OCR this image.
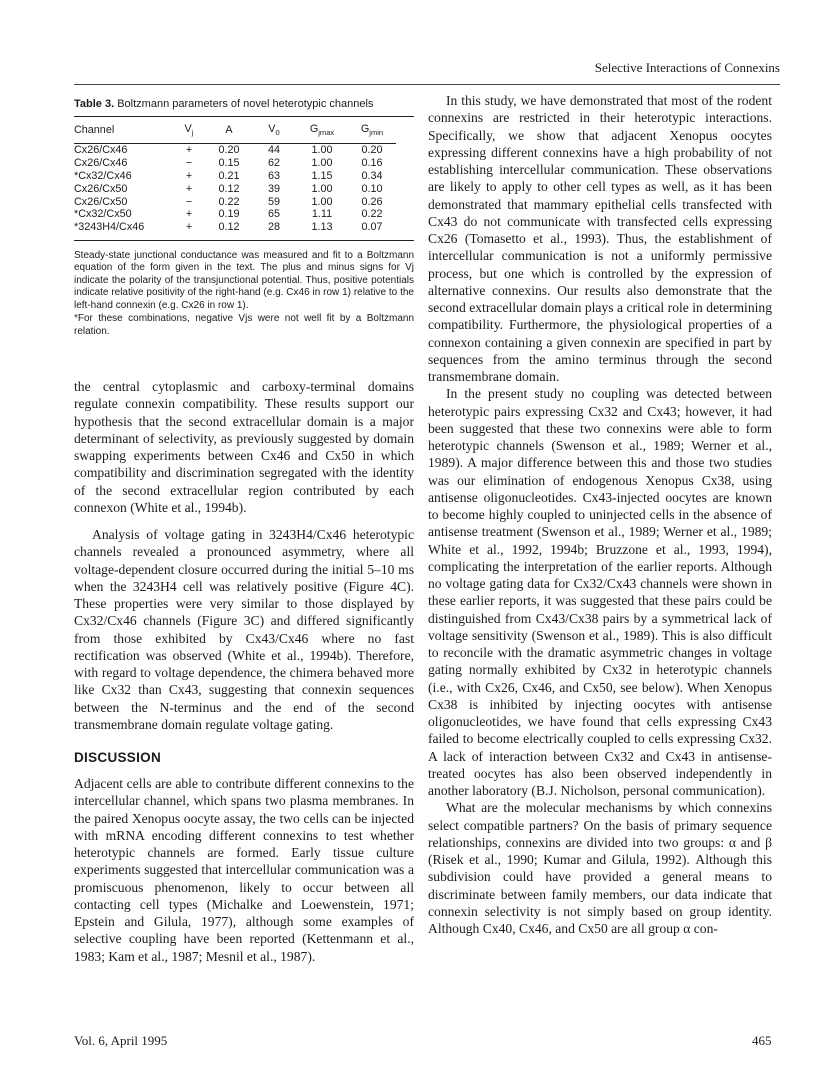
Selective Interactions of Connexins

Table 3. Boltzmann parameters of novel heterotypic channels

Channel	$V_j$	A	$V_0$	$G_{jmax}$	$G_{jmin}$
Cx26/Cx46	+	0.20	44	1.00	0.20
Cx26/Cx46	−	0.15	62	1.00	0.16
*Cx32/Cx46	+	0.21	63	1.15	0.34
Cx26/Cx50	+	0.12	39	1.00	0.10
Cx26/Cx50	−	0.22	59	1.00	0.26
*Cx32/Cx50	+	0.19	65	1.11	0.22
*3243H4/Cx46	+	0.12	28	1.13	0.07

Steady-state junctional conductance was measured and fit to a Boltzmann equation of the form given in the text. The plus and minus signs for Vj indicate the polarity of the transjunctional potential. Thus, positive potentials indicate relative positivity of the right-hand (e.g. Cx46 in row 1) relative to the left-hand connexin (e.g. Cx26 in row 1).

*For these combinations, negative Vjs were not well fit by a Boltzmann relation.

the central cytoplasmic and carboxy-terminal domains regulate connexin compatibility. These results support our hypothesis that the second extracellular domain is a major determinant of selectivity, as previously suggested by domain swapping experiments between Cx46 and Cx50 in which compatibility and discrimination segregated with the identity of the second extracellular region contributed by each connexon (White et al., 1994b).

Analysis of voltage gating in 3243H4/Cx46 heterotypic channels revealed a pronounced asymmetry, where all voltage-dependent closure occurred during the initial 5–10 ms when the 3243H4 cell was relatively positive (Figure 4C). These properties were very similar to those displayed by Cx32/Cx46 channels (Figure 3C) and differed significantly from those exhibited by Cx43/Cx46 where no fast rectification was observed (White et al., 1994b). Therefore, with regard to voltage dependence, the chimera behaved more like Cx32 than Cx43, suggesting that connexin sequences between the N-terminus and the end of the second transmembrane domain regulate voltage gating.

DISCUSSION

Adjacent cells are able to contribute different connexins to the intercellular channel, which spans two plasma membranes. In the paired Xenopus oocyte assay, the two cells can be injected with mRNA encoding different connexins to test whether heterotypic channels are formed. Early tissue culture experiments suggested that intercellular communication was a promiscuous phenomenon, likely to occur between all contacting cell types (Michalke and Loewenstein, 1971; Epstein and Gilula, 1977), although some examples of selective coupling have been reported (Kettenmann et al., 1983; Kam et al., 1987; Mesnil et al., 1987).

In this study, we have demonstrated that most of the rodent connexins are restricted in their heterotypic interactions. Specifically, we show that adjacent Xenopus oocytes expressing different connexins have a high probability of not establishing intercellular communication. These observations are likely to apply to other cell types as well, as it has been demonstrated that mammary epithelial cells transfected with Cx43 do not communicate with transfected cells expressing Cx26 (Tomasetto et al., 1993). Thus, the establishment of intercellular communication is not a uniformly permissive process, but one which is controlled by the expression of alternative connexins. Our results also demonstrate that the second extracellular domain plays a critical role in determining compatibility. Furthermore, the physiological properties of a connexon containing a given connexin are specified in part by sequences from the amino terminus through the second transmembrane domain.

In the present study no coupling was detected between heterotypic pairs expressing Cx32 and Cx43; however, it had been suggested that these two connexins were able to form heterotypic channels (Swenson et al., 1989; Werner et al., 1989). A major difference between this and those two studies was our elimination of endogenous Xenopus Cx38, using antisense oligonucleotides. Cx43-injected oocytes are known to become highly coupled to uninjected cells in the absence of antisense treatment (Swenson et al., 1989; Werner et al., 1989; White et al., 1992, 1994b; Bruzzone et al., 1993, 1994), complicating the interpretation of the earlier reports. Although no voltage gating data for Cx32/Cx43 channels were shown in these earlier reports, it was suggested that these pairs could be distinguished from Cx43/Cx38 pairs by a symmetrical lack of voltage sensitivity (Swenson et al., 1989). This is also difficult to reconcile with the dramatic asymmetric changes in voltage gating normally exhibited by Cx32 in heterotypic channels (i.e., with Cx26, Cx46, and Cx50, see below). When Xenopus Cx38 is inhibited by injecting oocytes with antisense oligonucleotides, we have found that cells expressing Cx43 failed to become electrically coupled to cells expressing Cx32. A lack of interaction between Cx32 and Cx43 in antisense-treated oocytes has also been observed independently in another laboratory (B.J. Nicholson, personal communication).

What are the molecular mechanisms by which connexins select compatible partners? On the basis of primary sequence relationships, connexins are divided into two groups: α and β (Risek et al., 1990; Kumar and Gilula, 1992). Although this subdivision could have provided a general means to discriminate between family members, our data indicate that connexin selectivity is not simply based on group identity. Although Cx40, Cx46, and Cx50 are all group α con-

Vol. 6, April 1995	465
